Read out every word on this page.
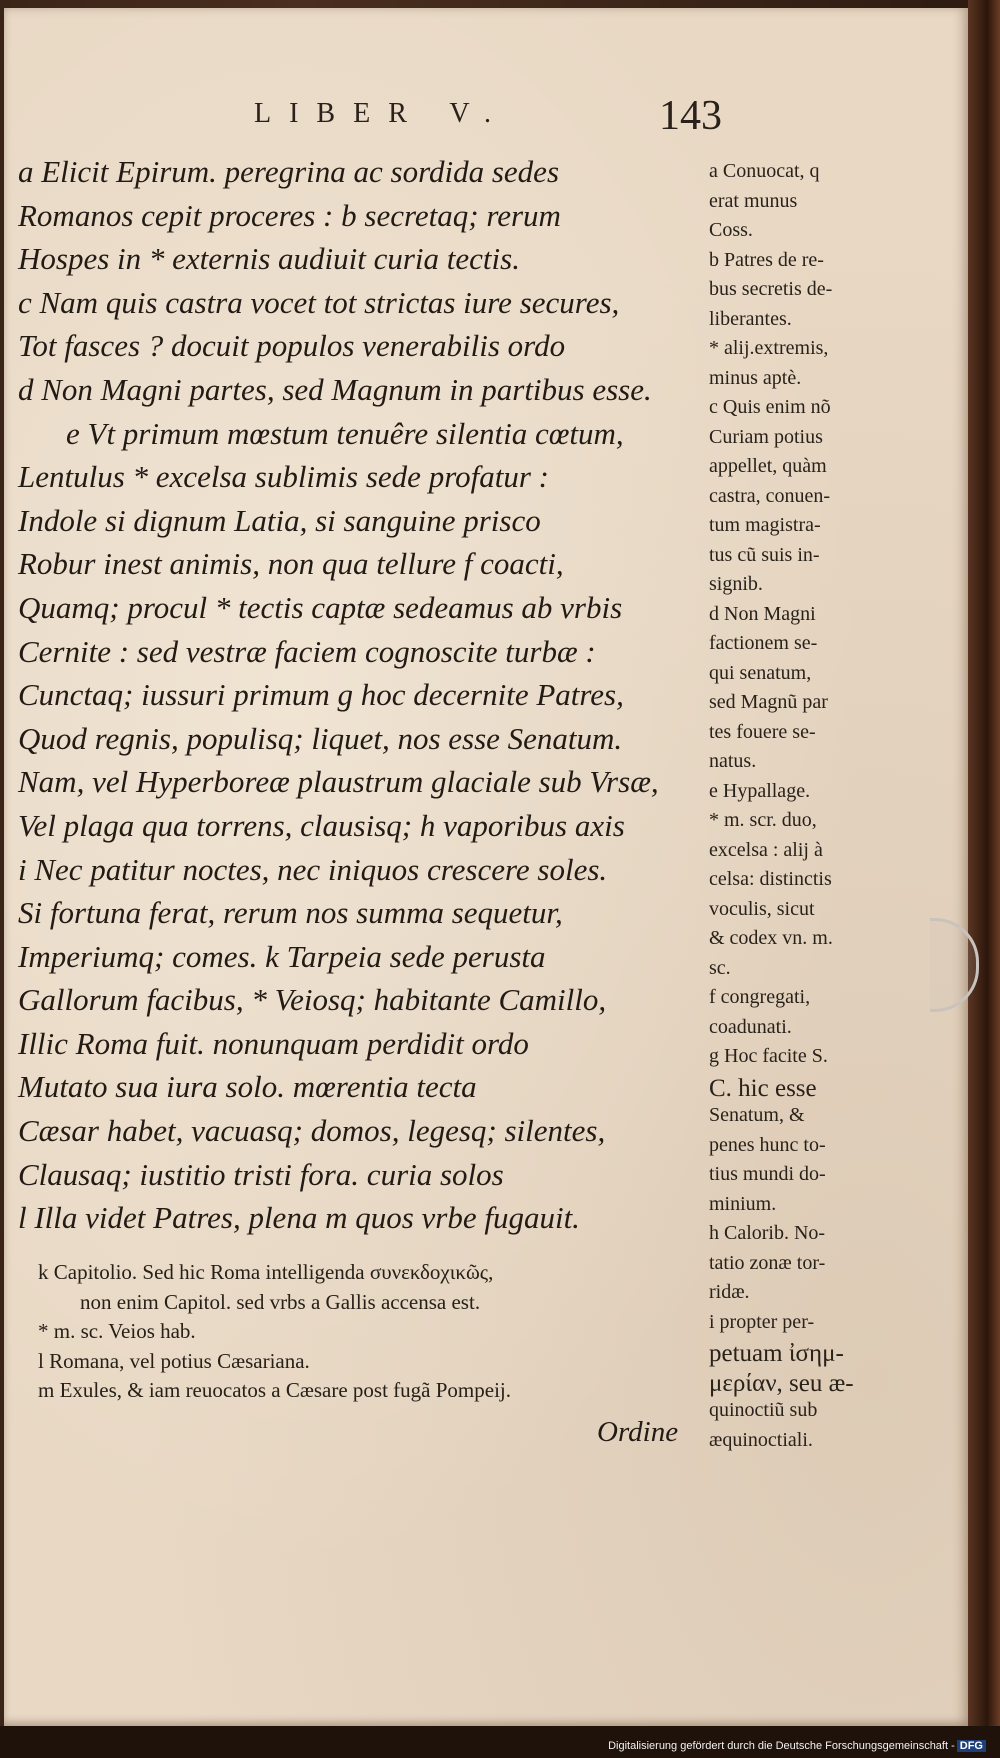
LIBER V.	143
a Elicit Epirum. peregrina ac sordida sedes
Romanos cepit proceres : b secretaq; rerum
Hospes in * externis audiuit curia tectis.
c Nam quis castra vocet tot strictas iure secures,
Tot fasces ? docuit populos venerabilis ordo
d Non Magni partes, sed Magnum in partibus esse.
e Vt primum mœstum tenuêre silentia cœtum,
Lentulus * excelsa sublimis sede profatur :
Indole si dignum Latia, si sanguine prisco
Robur inest animis, non qua tellure f coacti,
Quamq; procul * tectis captæ sedeamus ab vrbis
Cernite : sed vestræ faciem cognoscite turbæ :
Cunctaq; iussuri primum g hoc decernite Patres,
Quod regnis, populisq; liquet, nos esse Senatum.
Nam, vel Hyperboreæ plaustrum glaciale sub Vrsæ,
Vel plaga qua torrens, clausisq; h vaporibus axis
i Nec patitur noctes, nec iniquos crescere soles.
Si fortuna ferat, rerum nos summa sequetur,
Imperiumq; comes. k Tarpeia sede perusta
Gallorum facibus, * Veiosq; habitante Camillo,
Illic Roma fuit. nonunquam perdidit ordo
Mutato sua iura solo. mœrentia tecta
Cæsar habet, vacuasq; domos, legesq; silentes,
Clausaq; iustitio tristi fora. curia solos
l Illa videt Patres, plena m quos vrbe fugauit.
k Capitolio. Sed hic Roma intelligenda συνεκδοχικῶς,
non enim Capitol. sed vrbs a Gallis accensa est.
* m. sc. Veios hab.
l Romana, vel potius Cæsariana.
m Exules, & iam reuocatos a Cæsare post fugã Pompeij.
Ordine
a Conuocat, q
erat munus
Coss.
b Patres de re-
bus secretis de-
liberantes.
* alij.extremis,
minus aptè.
c Quis enim nõ
Curiam potius
appellet, quàm
castra, conuen-
tum magistra-
tus cũ suis in-
signib.
d Non Magni
factionem se-
qui senatum,
sed Magnũ par
tes fouere se-
natus.
e Hypallage.
* m. scr. duo,
excelsa : alij à
celsa: distinctis
voculis, sicut
& codex vn. m.
sc.
f congregati,
coadunati.
g Hoc facite S.
C. hic esse
Senatum, &
penes hunc to-
tius mundi do-
minium.
h Calorib. No-
tatio zonæ tor-
ridæ.
i propter per-
petuam ἰσημ-
μερίαν, seu æ-
quinoctiũ sub
æquinoctiali.
Digitalisierung gefördert durch die Deutsche Forschungsgemeinschaft - DFG
